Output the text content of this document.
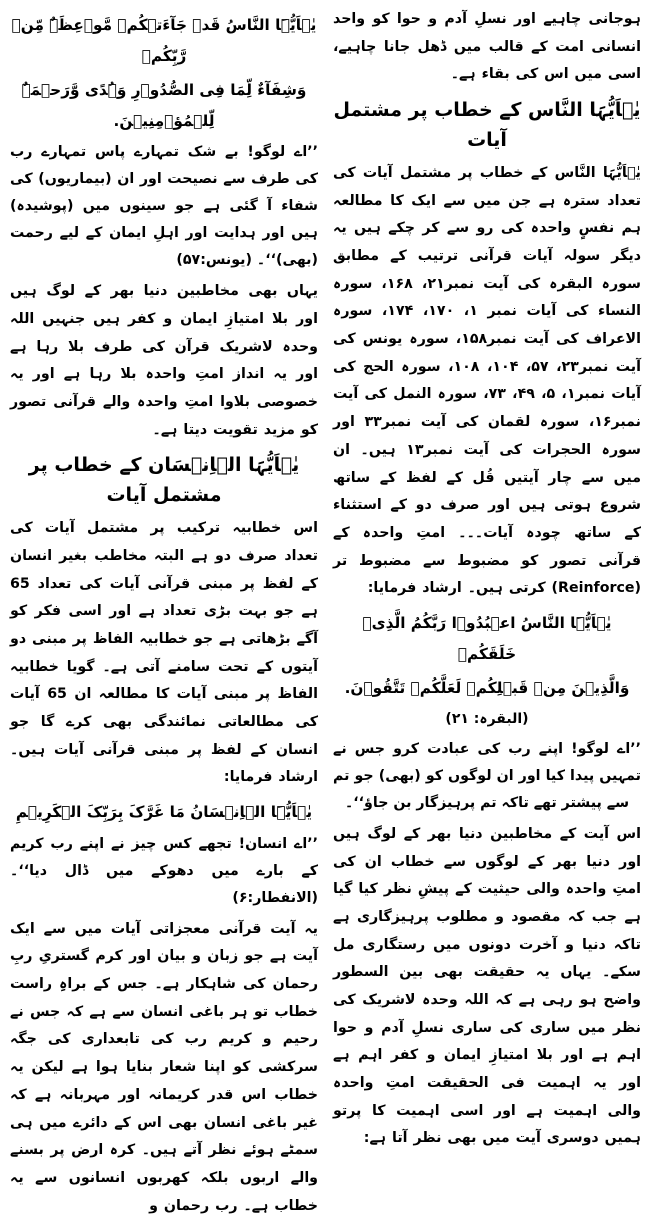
یٰۤاَیُّہَا النَّاسُ قَدۡ جَآءَتۡکُمۡ مَّوۡعِظَۃٌ مِّنۡ رَّبِّکُمۡ

وَشِفَآءٌ لِّمَا فِی الصُّدُوۡرِ وَہُدًی وَّرَحۡمَۃٌ لِّلۡمُؤۡمِنِیۡنَ.

’’اے لوگو! بے شک تمہارے پاس تمہارے رب کی طرف سے نصیحت اور ان (بیماریوں) کی شفاء آ گئی ہے جو سینوں میں (پوشیدہ) ہیں اور ہدایت اور اہلِ ایمان کے لیے رحمت (بھی)‘‘۔ (یونس:۵۷)

یہاں بھی مخاطبین دنیا بھر کے لوگ ہیں اور بلا امتیازِ ایمان و کفر ہیں جنہیں اللہ وحدہ لاشریک قرآن کی طرف بلا رہا ہے اور یہ انداز امتِ واحدہ بلا رہا ہے اور یہ خصوصی بلاوا امتِ واحدہ والے قرآنی تصور کو مزید تقویت دیتا ہے۔

یٰۤاَیُّہَا الۡاِنۡسَان کے خطاب پر مشتمل آیات

اس خطابیہ ترکیب پر مشتمل آیات کی تعداد صرف دو ہے البتہ مخاطب بغیر انسان کے لفظ پر مبنی قرآنی آیات کی تعداد 65 ہے جو بہت بڑی تعداد ہے اور اسی فکر کو آگے بڑھاتی ہے جو خطابیہ الفاظ پر مبنی دو آیتوں کے تحت سامنے آتی ہے۔ گویا خطابیہ الفاظ پر مبنی آیات کا مطالعہ ان 65 آیات کی مطالعاتی نمائندگی بھی کرے گا جو انسان کے لفظ پر مبنی قرآنی آیات ہیں۔ ارشاد فرمایا:

یٰۤاَیُّہَا الۡاِنۡسَانُ مَا غَرَّکَ بِرَبِّکَ الۡکَرِیۡمِ

’’اے انسان! تجھے کس چیز نے اپنے رب کریم کے بارے میں دھوکے میں ڈال دیا‘‘۔ (الانفطار:۶)

یہ آیت قرآنی معجزاتی آیات میں سے ایک آیت ہے جو زبان و بیان اور کرم گستریِ ربِ رحمان کی شاہکار ہے۔ جس کے براہِ راست خطاب تو ہر باغی انسان سے ہے کہ جس نے رحیم و کریم رب کی تابعداری کی جگہ سرکشی کو اپنا شعار بنایا ہوا ہے لیکن یہ خطاب اس قدر کریمانہ اور مہربانہ ہے کہ غیر باغی انسان بھی اس کے دائرے میں ہی سمٹے ہوئے نظر آتے ہیں۔ کرہ ارض پر بسنے والے اربوں بلکہ کھربوں انسانوں سے یہ خطاب ہے۔ رب رحمان و

ہوجانی چاہیے اور نسلِ آدم و حوا کو واحد انسانی امت کے قالب میں ڈھل جانا چاہیے، اسی میں اس کی بقاء ہے۔

یٰۤاَیُّہَا النَّاس کے خطاب پر مشتمل آیات

یٰۤاَیُّہَا النَّاس کے خطاب پر مشتمل آیات کی تعداد سترہ ہے جن میں سے ایک کا مطالعہ ہم نفسٍ واحدہ کی رو سے کر چکے ہیں یہ دیگر سولہ آیات قرآنی ترتیب کے مطابق سورہ البقرہ کی آیت نمبر۲۱، ۱۶۸، سورہ النساء کی آیات نمبر ۱، ۱۷۰، ۱۷۴، سورہ الاعراف کی آیت نمبر۱۵۸، سورہ یونس کی آیت نمبر۲۳، ۵۷، ۱۰۴، ۱۰۸، سورہ الحج کی آیات نمبر۱، ۵، ۴۹، ۷۳، سورہ النمل کی آیت نمبر۱۶، سورہ لقمان کی آیت نمبر۳۳ اور سورہ الحجرات کی آیت نمبر۱۳ ہیں۔ ان میں سے چار آیتیں قُل کے لفظ کے ساتھ شروع ہوتی ہیں اور صرف دو کے استثناء کے ساتھ چودہ آیات۔۔۔ امتِ واحدہ کے قرآنی تصور کو مضبوط سے مضبوط تر (Reinforce) کرتی ہیں۔ ارشاد فرمایا:

یٰۤاَیُّہَا النَّاسُ اعۡبُدُوۡا رَبَّکُمُ الَّذِیۡ خَلَقَکُمۡ

وَالَّذِیۡنَ مِنۡ قَبۡلِکُمۡ لَعَلَّکُمۡ تَتَّقُوۡنَ.

(البقرہ: ۲۱)

’’اے لوگو! اپنے رب کی عبادت کرو جس نے تمہیں پیدا کیا اور ان لوگوں کو (بھی) جو تم سے پیشتر تھے تاکہ تم پرہیزگار بن جاؤ‘‘۔

اس آیت کے مخاطبین دنیا بھر کے لوگ ہیں اور دنیا بھر کے لوگوں سے خطاب ان کی امتِ واحدہ والی حیثیت کے پیشِ نظر کیا گیا ہے جب کہ مقصود و مطلوب پرہیزگاری ہے تاکہ دنیا و آخرت دونوں میں رستگاری مل سکے۔ یہاں یہ حقیقت بھی بین السطور واضح ہو رہی ہے کہ اللہ وحدہ لاشریک کی نظر میں ساری کی ساری نسلِ آدم و حوا اہم ہے اور بلا امتیازِ ایمان و کفر اہم ہے اور یہ اہمیت فی الحقیقت امتِ واحدہ والی اہمیت ہے اور اسی اہمیت کا پرتو ہمیں دوسری آیت میں بھی نظر آتا ہے:
